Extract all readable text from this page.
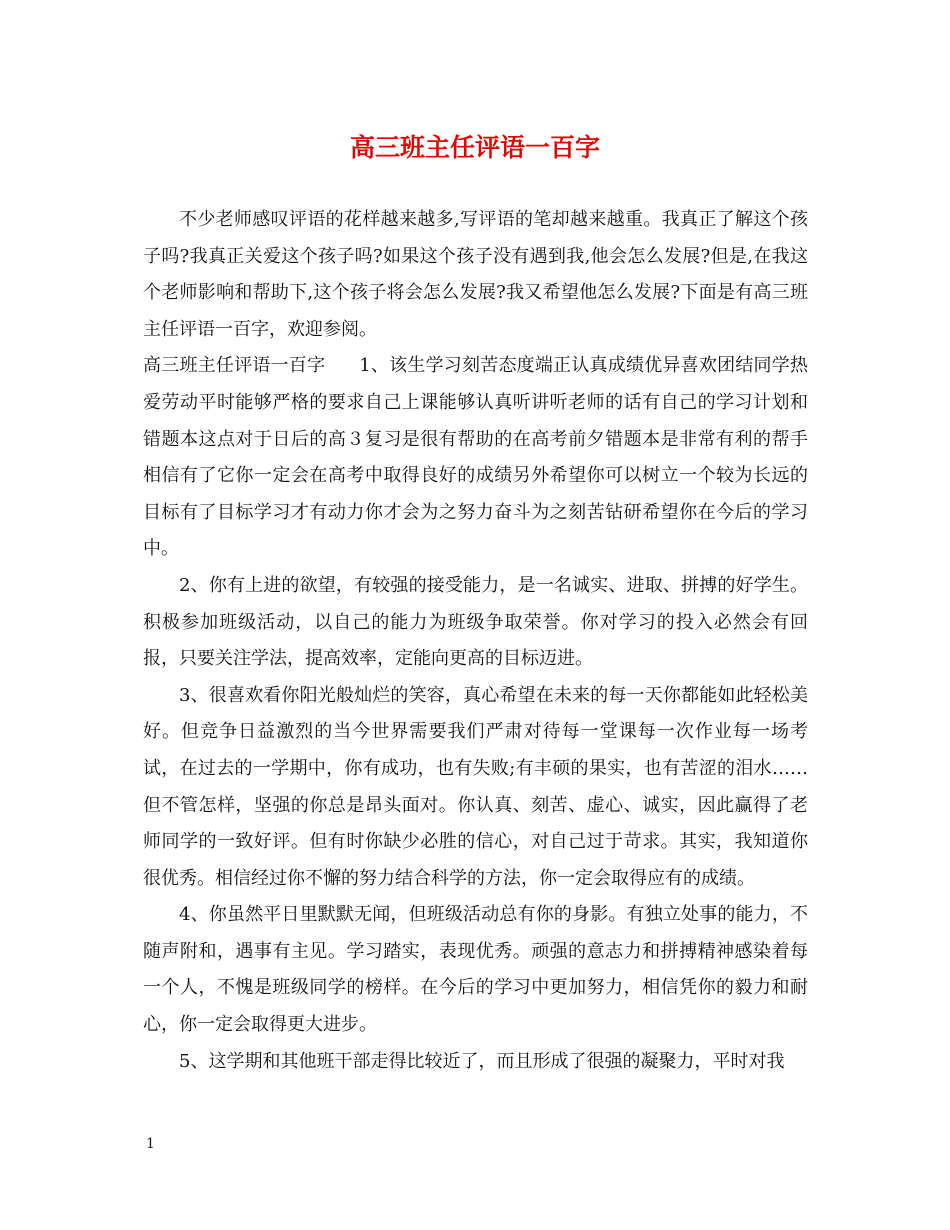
高三班主任评语一百字

不少老师感叹评语的花样越来越多,写评语的笔却越来越重。我真正了解这个孩子吗?我真正关爱这个孩子吗?如果这个孩子没有遇到我,他会怎么发展?但是,在我这个老师影响和帮助下,这个孩子将会怎么发展?我又希望他怎么发展?下面是有高三班主任评语一百字，欢迎参阅。

高三班主任评语一百字 1、该生学习刻苦态度端正认真成绩优异喜欢团结同学热爱劳动平时能够严格的要求自己上课能够认真听讲听老师的话有自己的学习计划和错题本这点对于日后的高３复习是很有帮助的在高考前夕错题本是非常有利的帮手相信有了它你一定会在高考中取得良好的成绩另外希望你可以树立一个较为长远的目标有了目标学习才有动力你才会为之努力奋斗为之刻苦钻研希望你在今后的学习中。

2、你有上进的欲望，有较强的接受能力，是一名诚实、进取、拼搏的好学生。积极参加班级活动，以自己的能力为班级争取荣誉。你对学习的投入必然会有回报，只要关注学法，提高效率，定能向更高的目标迈进。

3、很喜欢看你阳光般灿烂的笑容，真心希望在未来的每一天你都能如此轻松美好。但竞争日益激烈的当今世界需要我们严肃对待每一堂课每一次作业每一场考试，在过去的一学期中，你有成功，也有失败;有丰硕的果实，也有苦涩的泪水……但不管怎样，坚强的你总是昂头面对。你认真、刻苦、虚心、诚实，因此赢得了老师同学的一致好评。但有时你缺少必胜的信心，对自己过于苛求。其实，我知道你很优秀。相信经过你不懈的努力结合科学的方法，你一定会取得应有的成绩。

4、你虽然平日里默默无闻，但班级活动总有你的身影。有独立处事的能力，不随声附和，遇事有主见。学习踏实，表现优秀。顽强的意志力和拼搏精神感染着每一个人，不愧是班级同学的榜样。在今后的学习中更加努力，相信凭你的毅力和耐心，你一定会取得更大进步。

5、这学期和其他班干部走得比较近了，而且形成了很强的凝聚力，平时对我

1
